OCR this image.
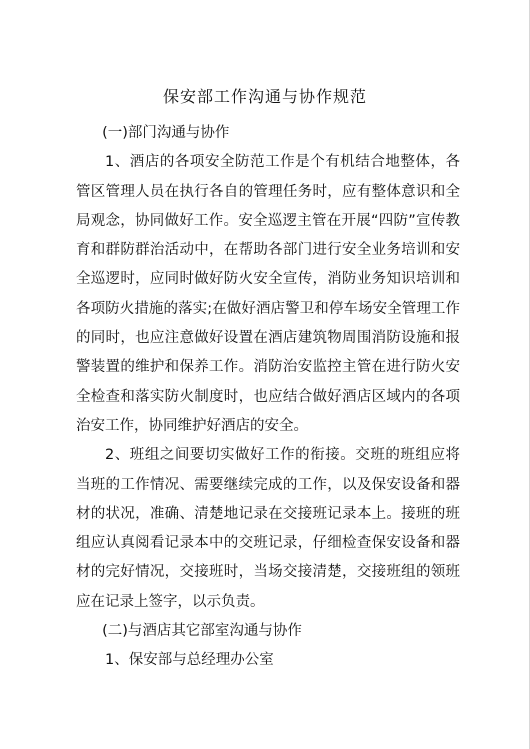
保安部工作沟通与协作规范

(一)部门沟通与协作

1、酒店的各项安全防范工作是个有机结合地整体，各管区管理人员在执行各自的管理任务时，应有整体意识和全局观念，协同做好工作。安全巡逻主管在开展“四防”宣传教育和群防群治活动中，在帮助各部门进行安全业务培训和安全巡逻时，应同时做好防火安全宣传，消防业务知识培训和各项防火措施的落实;在做好酒店警卫和停车场安全管理工作的同时，也应注意做好设置在酒店建筑物周围消防设施和报警装置的维护和保养工作。消防治安监控主管在进行防火安全检查和落实防火制度时，也应结合做好酒店区域内的各项治安工作，协同维护好酒店的安全。

2、班组之间要切实做好工作的衔接。交班的班组应将当班的工作情况、需要继续完成的工作，以及保安设备和器材的状况，准确、清楚地记录在交接班记录本上。接班的班组应认真阅看记录本中的交班记录，仔细检查保安设备和器材的完好情况，交接班时，当场交接清楚，交接班组的领班应在记录上签字，以示负责。

(二)与酒店其它部室沟通与协作

1、保安部与总经理办公室
